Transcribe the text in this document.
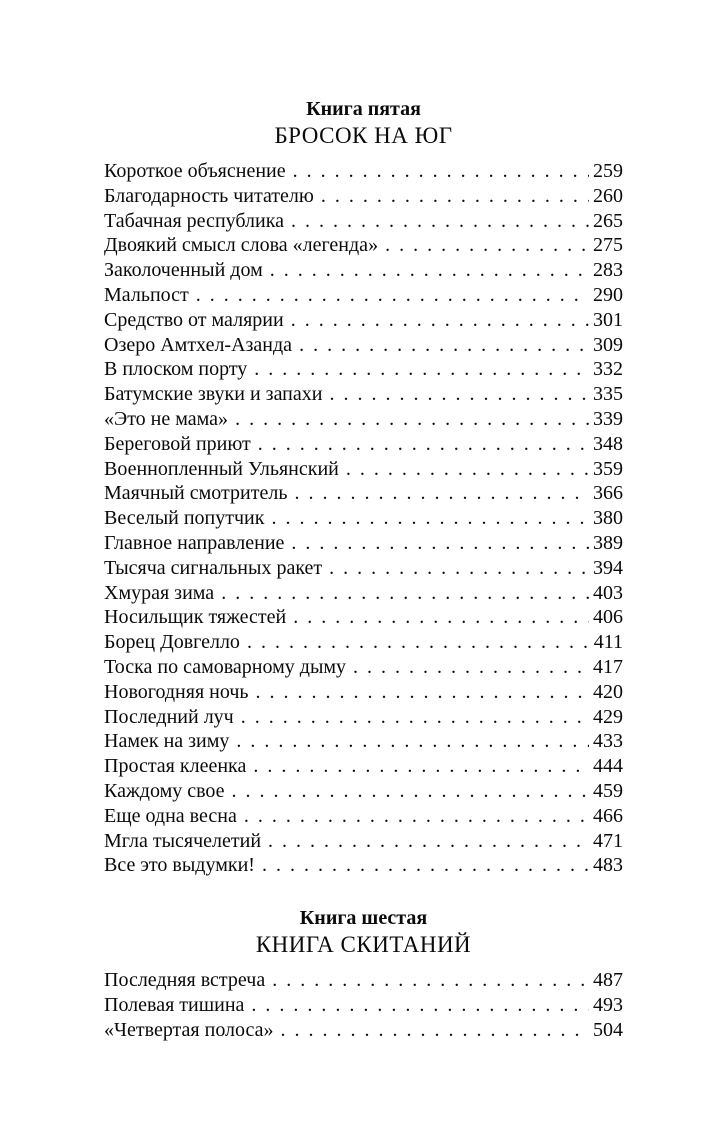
Книга пятая
БРОСОК НА ЮГ
Короткое объяснение . . .	259
Благодарность читателю . . .	260
Табачная республика . . .	265
Двоякий смысл слова «легенда» . . .	275
Заколоченный дом . . .	283
Мальпост . . .	290
Средство от малярии . . .	301
Озеро Амтхел-Азанда . . .	309
В плоском порту . . .	332
Батумские звуки и запахи . . .	335
«Это не мама» . . .	339
Береговой приют . . .	348
Военнопленный Ульянский . . .	359
Маячный смотритель . . .	366
Веселый попутчик . . .	380
Главное направление . . .	389
Тысяча сигнальных ракет . . .	394
Хмурая зима . . .	403
Носильщик тяжестей . . .	406
Борец Довгелло . . .	411
Тоска по самоварному дыму . . .	417
Новогодняя ночь . . .	420
Последний луч . . .	429
Намек на зиму . . .	433
Простая клеенка . . .	444
Каждому свое . . .	459
Еще одна весна . . .	466
Мгла тысячелетий . . .	471
Все это выдумки! . . .	483
Книга шестая
КНИГА СКИТАНИЙ
Последняя встреча . . .	487
Полевая тишина . . .	493
«Четвертая полоса» . . .	504
